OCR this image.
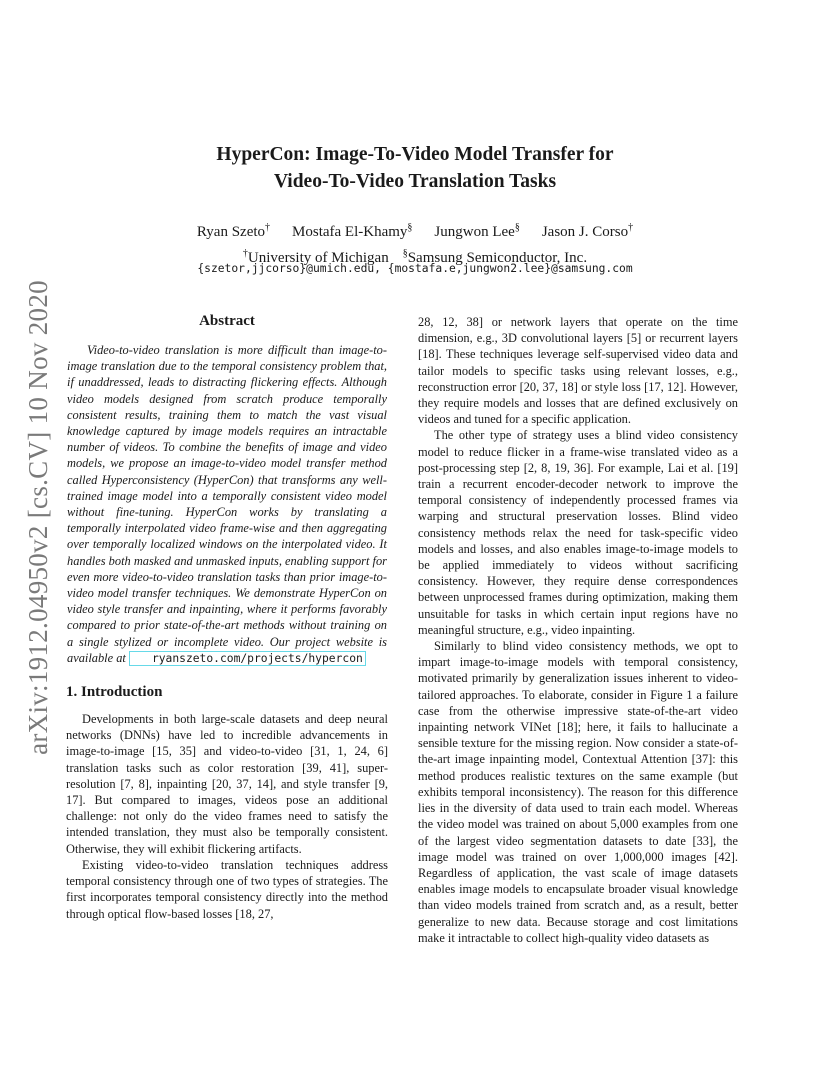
arXiv:1912.04950v2 [cs.CV] 10 Nov 2020
HyperCon: Image-To-Video Model Transfer for
Video-To-Video Translation Tasks
Ryan Szeto† Mostafa El-Khamy§ Jungwon Lee§ Jason J. Corso†
†University of Michigan §Samsung Semiconductor, Inc.
{szetor,jjcorso}@umich.edu, {mostafa.e,jungwon2.lee}@samsung.com
Abstract

Video-to-video translation is more difficult than image-to-image translation due to the temporal consistency problem that, if unaddressed, leads to distracting flickering effects. Although video models designed from scratch produce temporally consistent results, training them to match the vast visual knowledge captured by image models requires an intractable number of videos. To combine the benefits of image and video models, we propose an image-to-video model transfer method called Hyperconsistency (HyperCon) that transforms any well-trained image model into a temporally consistent video model without fine-tuning. HyperCon works by translating a temporally interpolated video frame-wise and then aggregating over temporally localized windows on the interpolated video. It handles both masked and unmasked inputs, enabling support for even more video-to-video translation tasks than prior image-to-video model transfer techniques. We demonstrate HyperCon on video style transfer and inpainting, where it performs favorably compared to prior state-of-the-art methods without training on a single stylized or incomplete video. Our project website is available at ryanszeto.com/projects/hypercon

1. Introduction

Developments in both large-scale datasets and deep neural networks (DNNs) have led to incredible advancements in image-to-image [15, 35] and video-to-video [31, 1, 24, 6] translation tasks such as color restoration [39, 41], super-resolution [7, 8], inpainting [20, 37, 14], and style transfer [9, 17]. But compared to images, videos pose an additional challenge: not only do the video frames need to satisfy the intended translation, they must also be temporally consistent. Otherwise, they will exhibit flickering artifacts.

Existing video-to-video translation techniques address temporal consistency through one of two types of strategies. The first incorporates temporal consistency directly into the method through optical flow-based losses [18, 27,

28, 12, 38] or network layers that operate on the time dimension, e.g., 3D convolutional layers [5] or recurrent layers [18]. These techniques leverage self-supervised video data and tailor models to specific tasks using relevant losses, e.g., reconstruction error [20, 37, 18] or style loss [17, 12]. However, they require models and losses that are defined exclusively on videos and tuned for a specific application.

The other type of strategy uses a blind video consistency model to reduce flicker in a frame-wise translated video as a post-processing step [2, 8, 19, 36]. For example, Lai et al. [19] train a recurrent encoder-decoder network to improve the temporal consistency of independently processed frames via warping and structural preservation losses. Blind video consistency methods relax the need for task-specific video models and losses, and also enables image-to-image models to be applied immediately to videos without sacrificing consistency. However, they require dense correspondences between unprocessed frames during optimization, making them unsuitable for tasks in which certain input regions have no meaningful structure, e.g., video inpainting.

Similarly to blind video consistency methods, we opt to impart image-to-image models with temporal consistency, motivated primarily by generalization issues inherent to video-tailored approaches. To elaborate, consider in Figure 1 a failure case from the otherwise impressive state-of-the-art video inpainting network VINet [18]; here, it fails to hallucinate a sensible texture for the missing region. Now consider a state-of-the-art image inpainting model, Contextual Attention [37]: this method produces realistic textures on the same example (but exhibits temporal inconsistency). The reason for this difference lies in the diversity of data used to train each model. Whereas the video model was trained on about 5,000 examples from one of the largest video segmentation datasets to date [33], the image model was trained on over 1,000,000 images [42]. Regardless of application, the vast scale of image datasets enables image models to encapsulate broader visual knowledge than video models trained from scratch and, as a result, better generalize to new data. Because storage and cost limitations make it intractable to collect high-quality video datasets as
